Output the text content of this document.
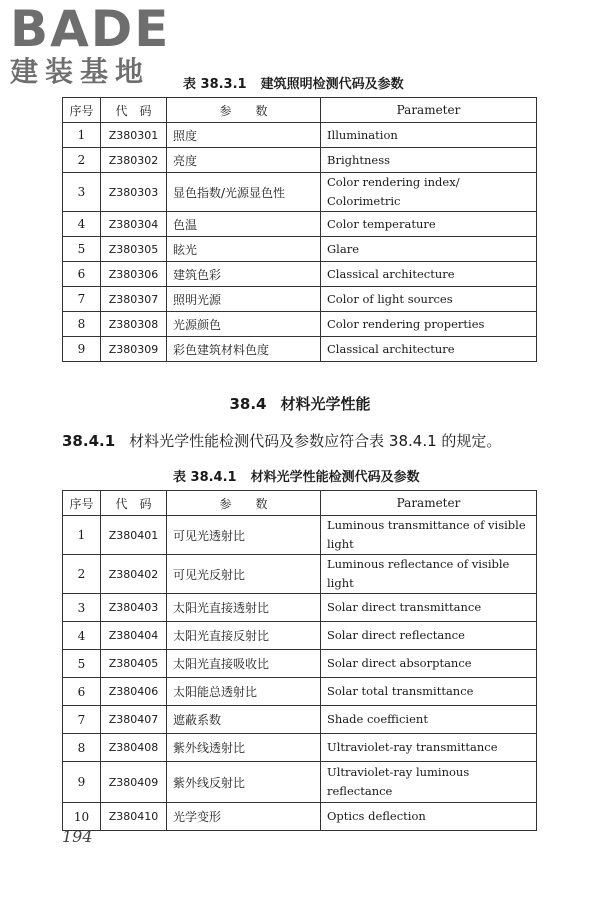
BADE
建装基地	表 38.3.1 建筑照明检测代码及参数
序号	代　码	参　　数	Parameter
1	Z380301	照度	Illumination
2	Z380302	亮度	Brightness
3	Z380303	显色指数/光源显色性	Color rendering index/ Colorimetric
4	Z380304	色温	Color temperature
5	Z380305	眩光	Glare
6	Z380306	建筑色彩	Classical architecture
7	Z380307	照明光源	Color of light sources
8	Z380308	光源颜色	Color rendering properties
9	Z380309	彩色建筑材料色度	Classical architecture
38.4 材料光学性能
38.4.1 材料光学性能检测代码及参数应符合表 38.4.1 的规定。
表 38.4.1 材料光学性能检测代码及参数
序号	代　码	参　　数	Parameter
1	Z380401	可见光透射比	Luminous transmittance of visible light
2	Z380402	可见光反射比	Luminous reflectance of visible light
3	Z380403	太阳光直接透射比	Solar direct transmittance
4	Z380404	太阳光直接反射比	Solar direct reflectance
5	Z380405	太阳光直接吸收比	Solar direct absorptance
6	Z380406	太阳能总透射比	Solar total transmittance
7	Z380407	遮蔽系数	Shade coefficient
8	Z380408	紫外线透射比	Ultraviolet-ray transmittance
9	Z380409	紫外线反射比	Ultraviolet-ray luminous reflectance
10	Z380410	光学变形	Optics deflection
194
